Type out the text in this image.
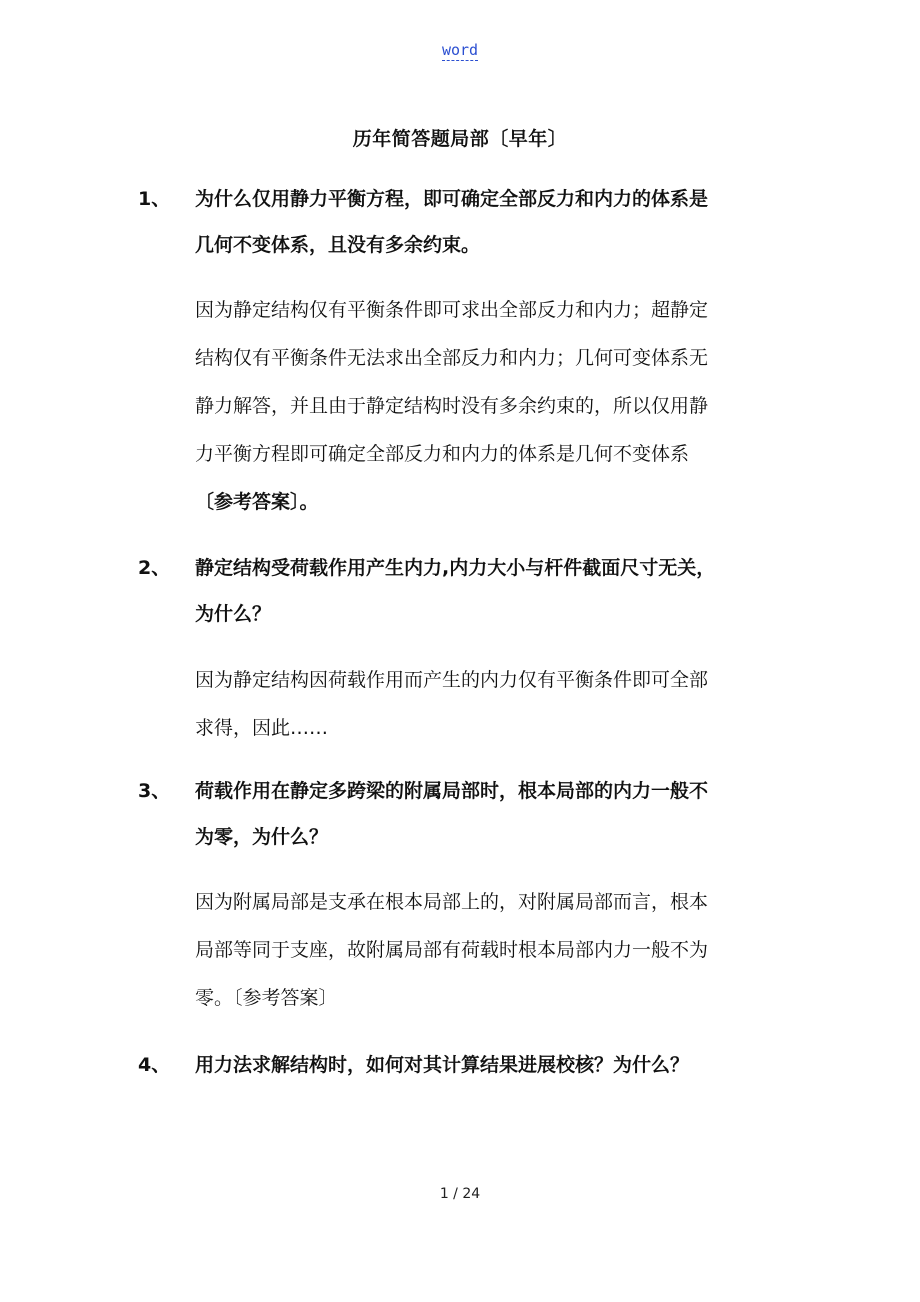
word
历年简答题局部〔早年〕
1、 为什么仅用静力平衡方程，即可确定全部反力和内力的体系是
几何不变体系，且没有多余约束。
因为静定结构仅有平衡条件即可求出全部反力和内力；超静定
结构仅有平衡条件无法求出全部反力和内力；几何可变体系无
静力解答，并且由于静定结构时没有多余约束的，所以仅用静
力平衡方程即可确定全部反力和内力的体系是几何不变体系
〔参考答案〕。
2、 静定结构受荷载作用产生内力,内力大小与杆件截面尺寸无关，
为什么？
因为静定结构因荷载作用而产生的内力仅有平衡条件即可全部
求得，因此……
3、 荷载作用在静定多跨梁的附属局部时，根本局部的内力一般不
为零，为什么？
因为附属局部是支承在根本局部上的，对附属局部而言，根本
局部等同于支座，故附属局部有荷载时根本局部内力一般不为
零。〔参考答案〕
4、 用力法求解结构时，如何对其计算结果进展校核？为什么？
1 / 24
